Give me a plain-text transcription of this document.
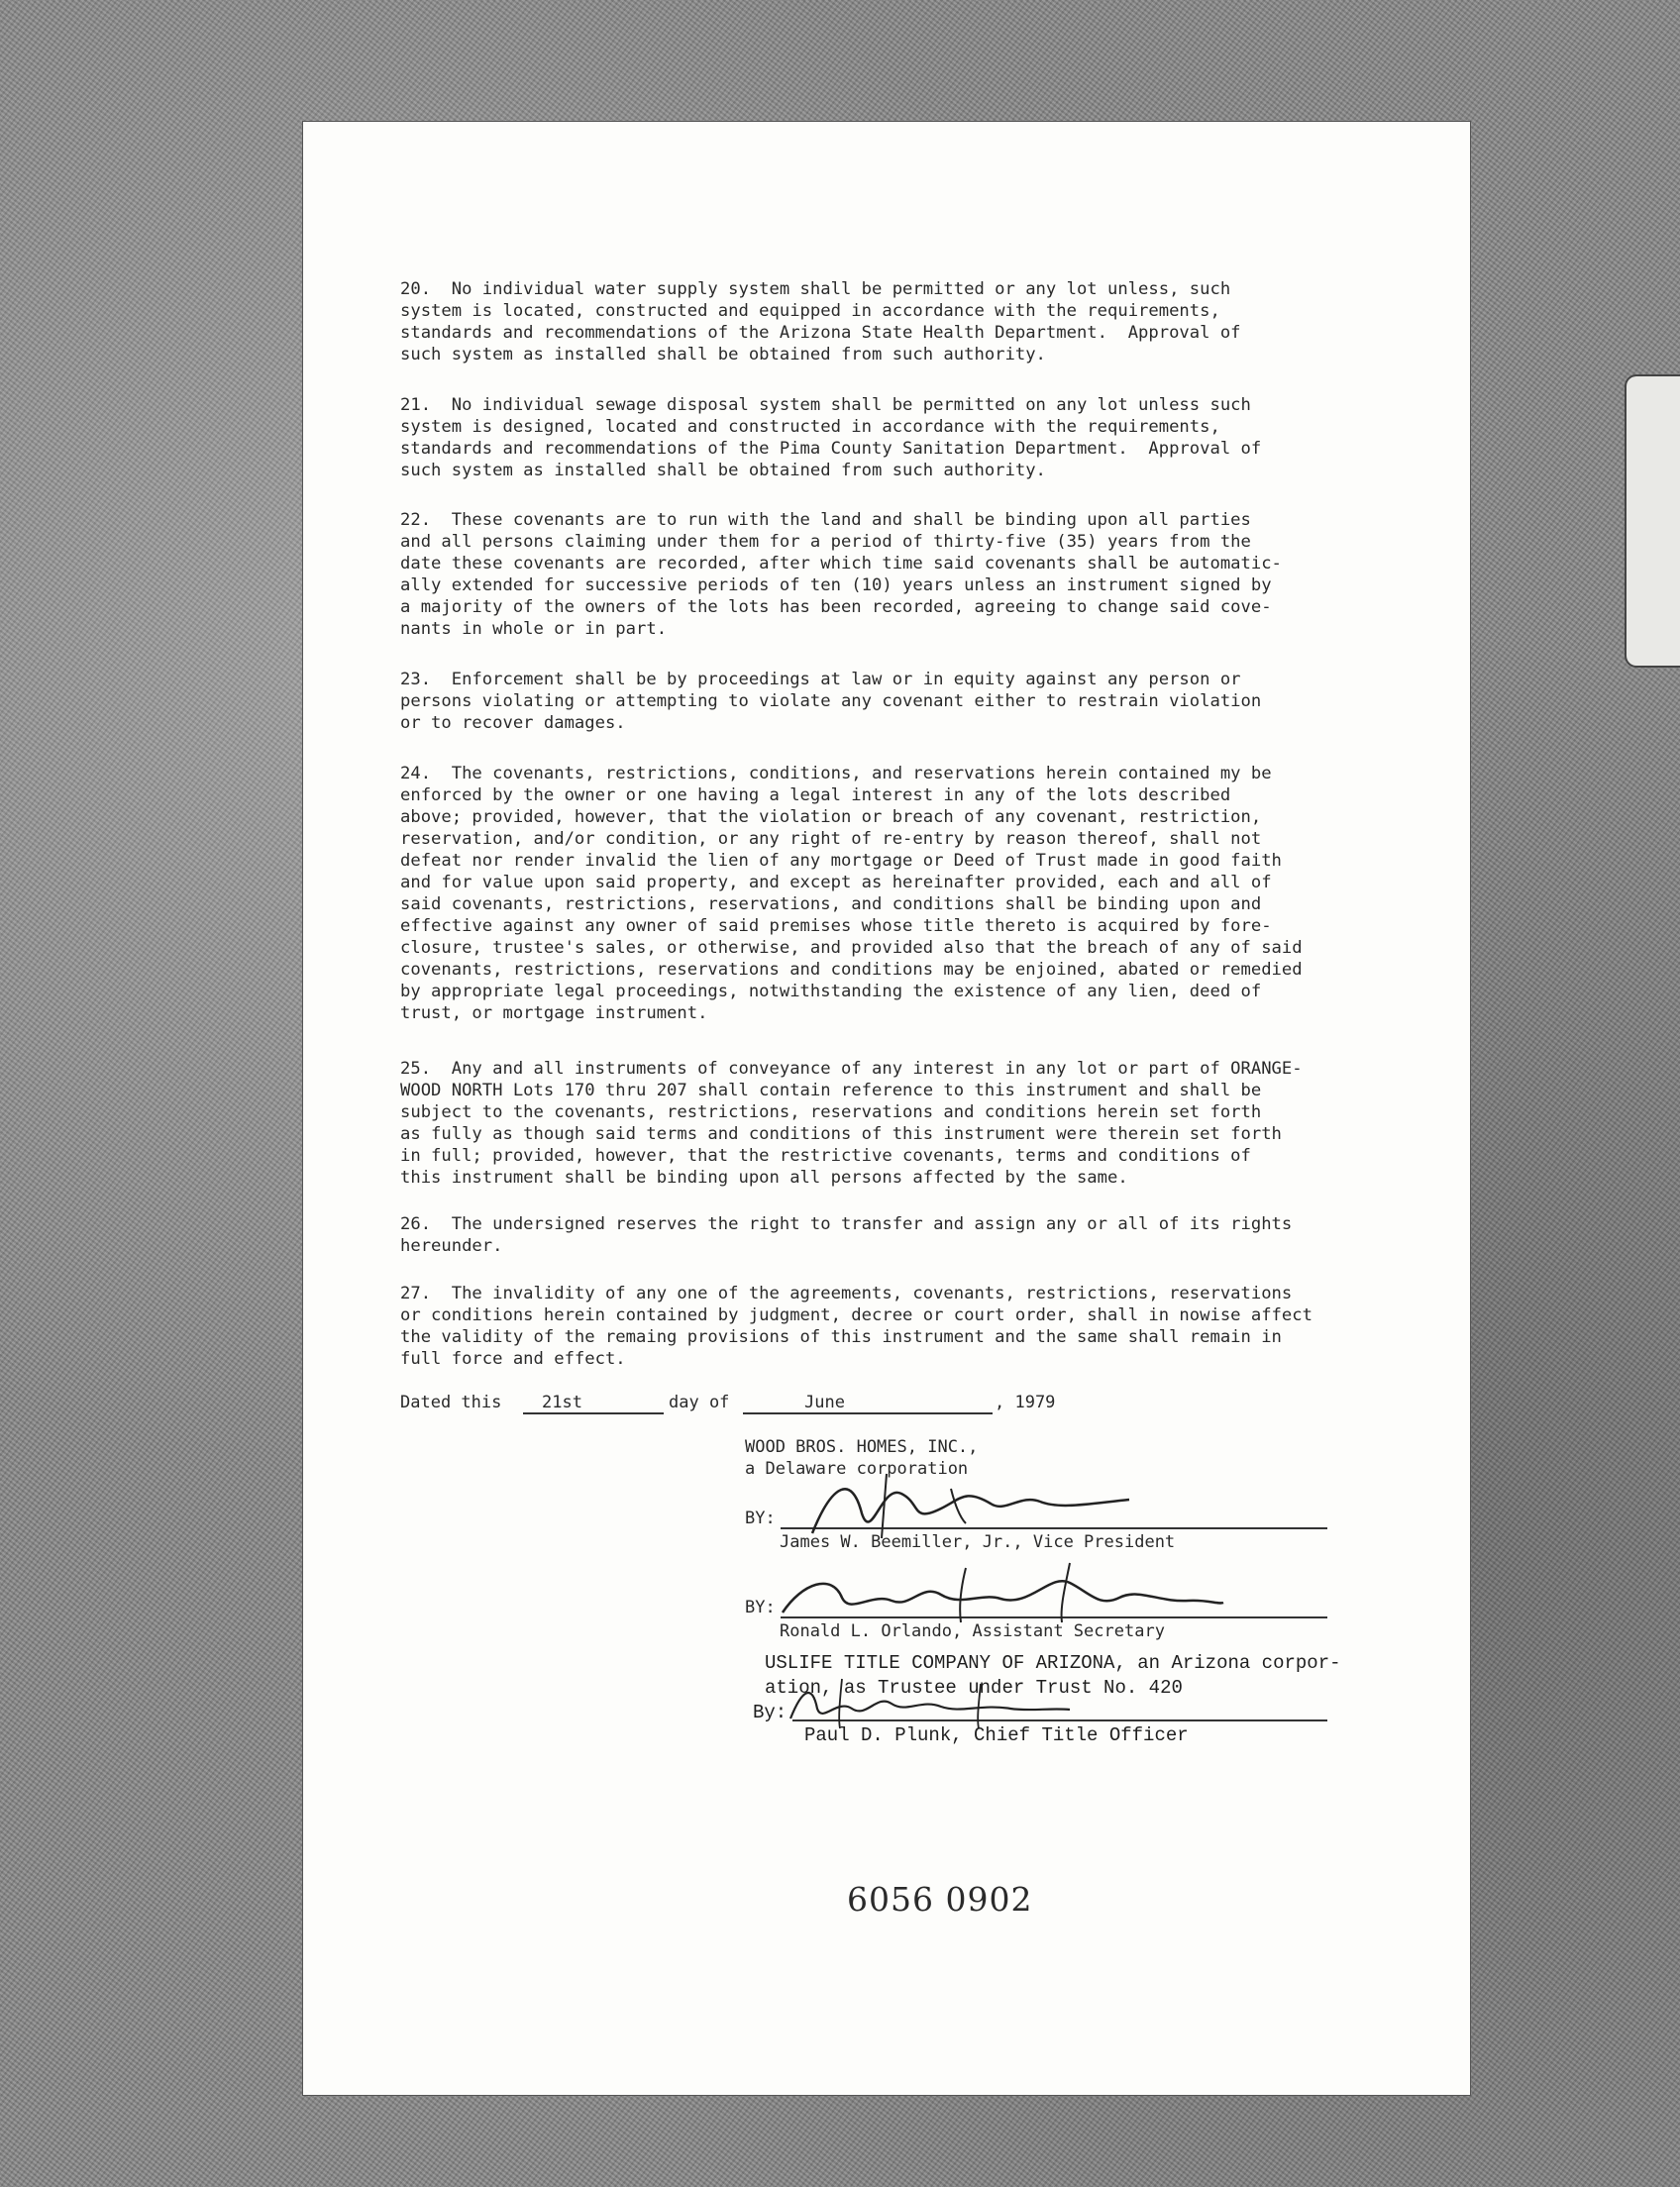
20.  No individual water supply system shall be permitted or any lot unless, such
system is located, constructed and equipped in accordance with the requirements,
standards and recommendations of the Arizona State Health Department.  Approval of
such system as installed shall be obtained from such authority.
21.  No individual sewage disposal system shall be permitted on any lot unless such
system is designed, located and constructed in accordance with the requirements,
standards and recommendations of the Pima County Sanitation Department.  Approval of
such system as installed shall be obtained from such authority.
22.  These covenants are to run with the land and shall be binding upon all parties
and all persons claiming under them for a period of thirty-five (35) years from the
date these covenants are recorded, after which time said covenants shall be automatic-
ally extended for successive periods of ten (10) years unless an instrument signed by
a majority of the owners of the lots has been recorded, agreeing to change said cove-
nants in whole or in part.
23.  Enforcement shall be by proceedings at law or in equity against any person or
persons violating or attempting to violate any covenant either to restrain violation
or to recover damages.
24.  The covenants, restrictions, conditions, and reservations herein contained my be
enforced by the owner or one having a legal interest in any of the lots described
above; provided, however, that the violation or breach of any covenant, restriction,
reservation, and/or condition, or any right of re-entry by reason thereof, shall not
defeat nor render invalid the lien of any mortgage or Deed of Trust made in good faith
and for value upon said property, and except as hereinafter provided, each and all of
said covenants, restrictions, reservations, and conditions shall be binding upon and
effective against any owner of said premises whose title thereto is acquired by fore-
closure, trustee's sales, or otherwise, and provided also that the breach of any of said
covenants, restrictions, reservations and conditions may be enjoined, abated or remedied
by appropriate legal proceedings, notwithstanding the existence of any lien, deed of
trust, or mortgage instrument.
25.  Any and all instruments of conveyance of any interest in any lot or part of ORANGE-
WOOD NORTH Lots 170 thru 207 shall contain reference to this instrument and shall be
subject to the covenants, restrictions, reservations and conditions herein set forth
as fully as though said terms and conditions of this instrument were therein set forth
in full; provided, however, that the restrictive covenants, terms and conditions of
this instrument shall be binding upon all persons affected by the same.
26.  The undersigned reserves the right to transfer and assign any or all of its rights
hereunder.
27.  The invalidity of any one of the agreements, covenants, restrictions, reservations
or conditions herein contained by judgment, decree or court order, shall in nowise affect
the validity of the remaing provisions of this instrument and the same shall remain in
full force and effect.
Dated this 21st	day of	June	, 1979
WOOD BROS. HOMES, INC.,
a Delaware corporation
BY:
James W. Beemiller, Jr., Vice President
BY:
Ronald L. Orlando, Assistant Secretary
USLIFE TITLE COMPANY OF ARIZONA, an Arizona corpor-
ation, as Trustee under Trust No. 420
By:
Paul D. Plunk, Chief Title Officer
6056 0902
